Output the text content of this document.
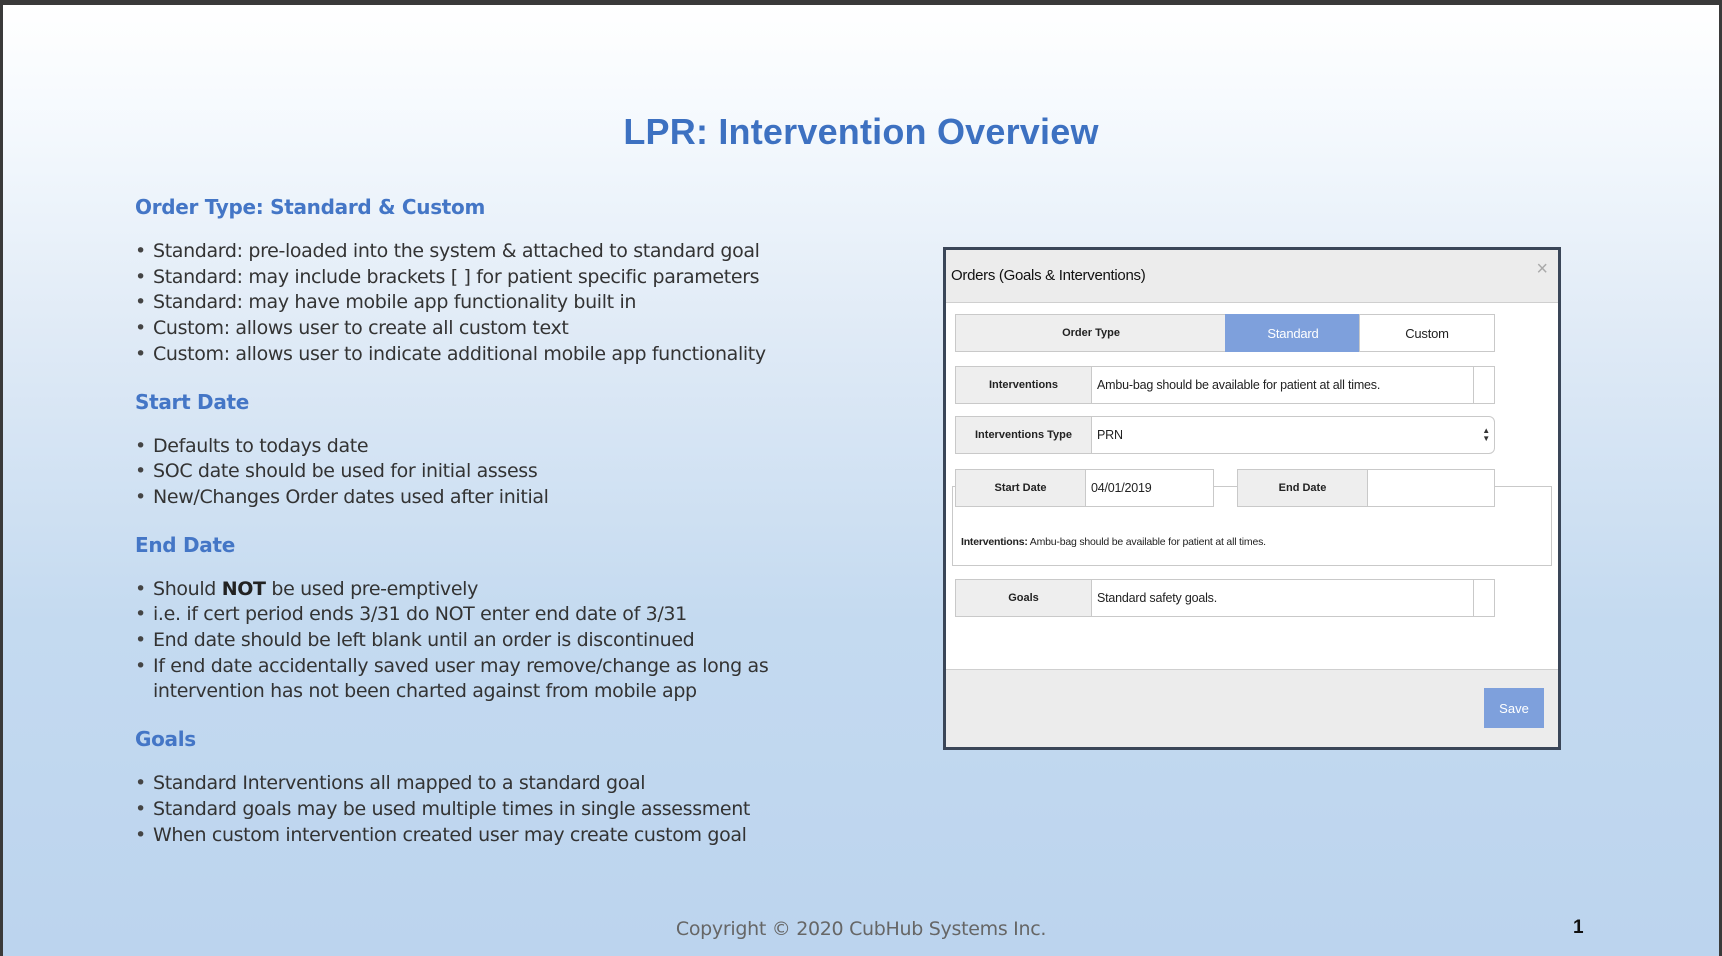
LPR: Intervention Overview
Order Type: Standard & Custom
• Standard: pre-loaded into the system & attached to standard goal
• Standard: may include brackets [ ] for patient specific parameters
• Standard: may have mobile app functionality built in
• Custom: allows user to create all custom text
• Custom: allows user to indicate additional mobile app functionality
Start Date
• Defaults to todays date
• SOC date should be used for initial assess
• New/Changes Order dates used after initial
End Date
• Should NOT be used pre-emptively
• i.e. if cert period ends 3/31 do NOT enter end date of 3/31
• End date should be left blank until an order is discontinued
• If end date accidentally saved user may remove/change as long as intervention has not been charted against from mobile app
Goals
• Standard Interventions all mapped to a standard goal
• Standard goals may be used multiple times in single assessment
• When custom intervention created user may create custom goal
Orders (Goals & Interventions)	×
Order Type	Standard	Custom
Interventions	Ambu-bag should be available for patient at all times.
Interventions Type	PRN	▲
▼
Start Date	04/01/2019	End Date
Interventions: Ambu-bag should be available for patient at all times.
Goals	Standard safety goals.
Save
Copyright © 2020 CubHub Systems Inc.	1
